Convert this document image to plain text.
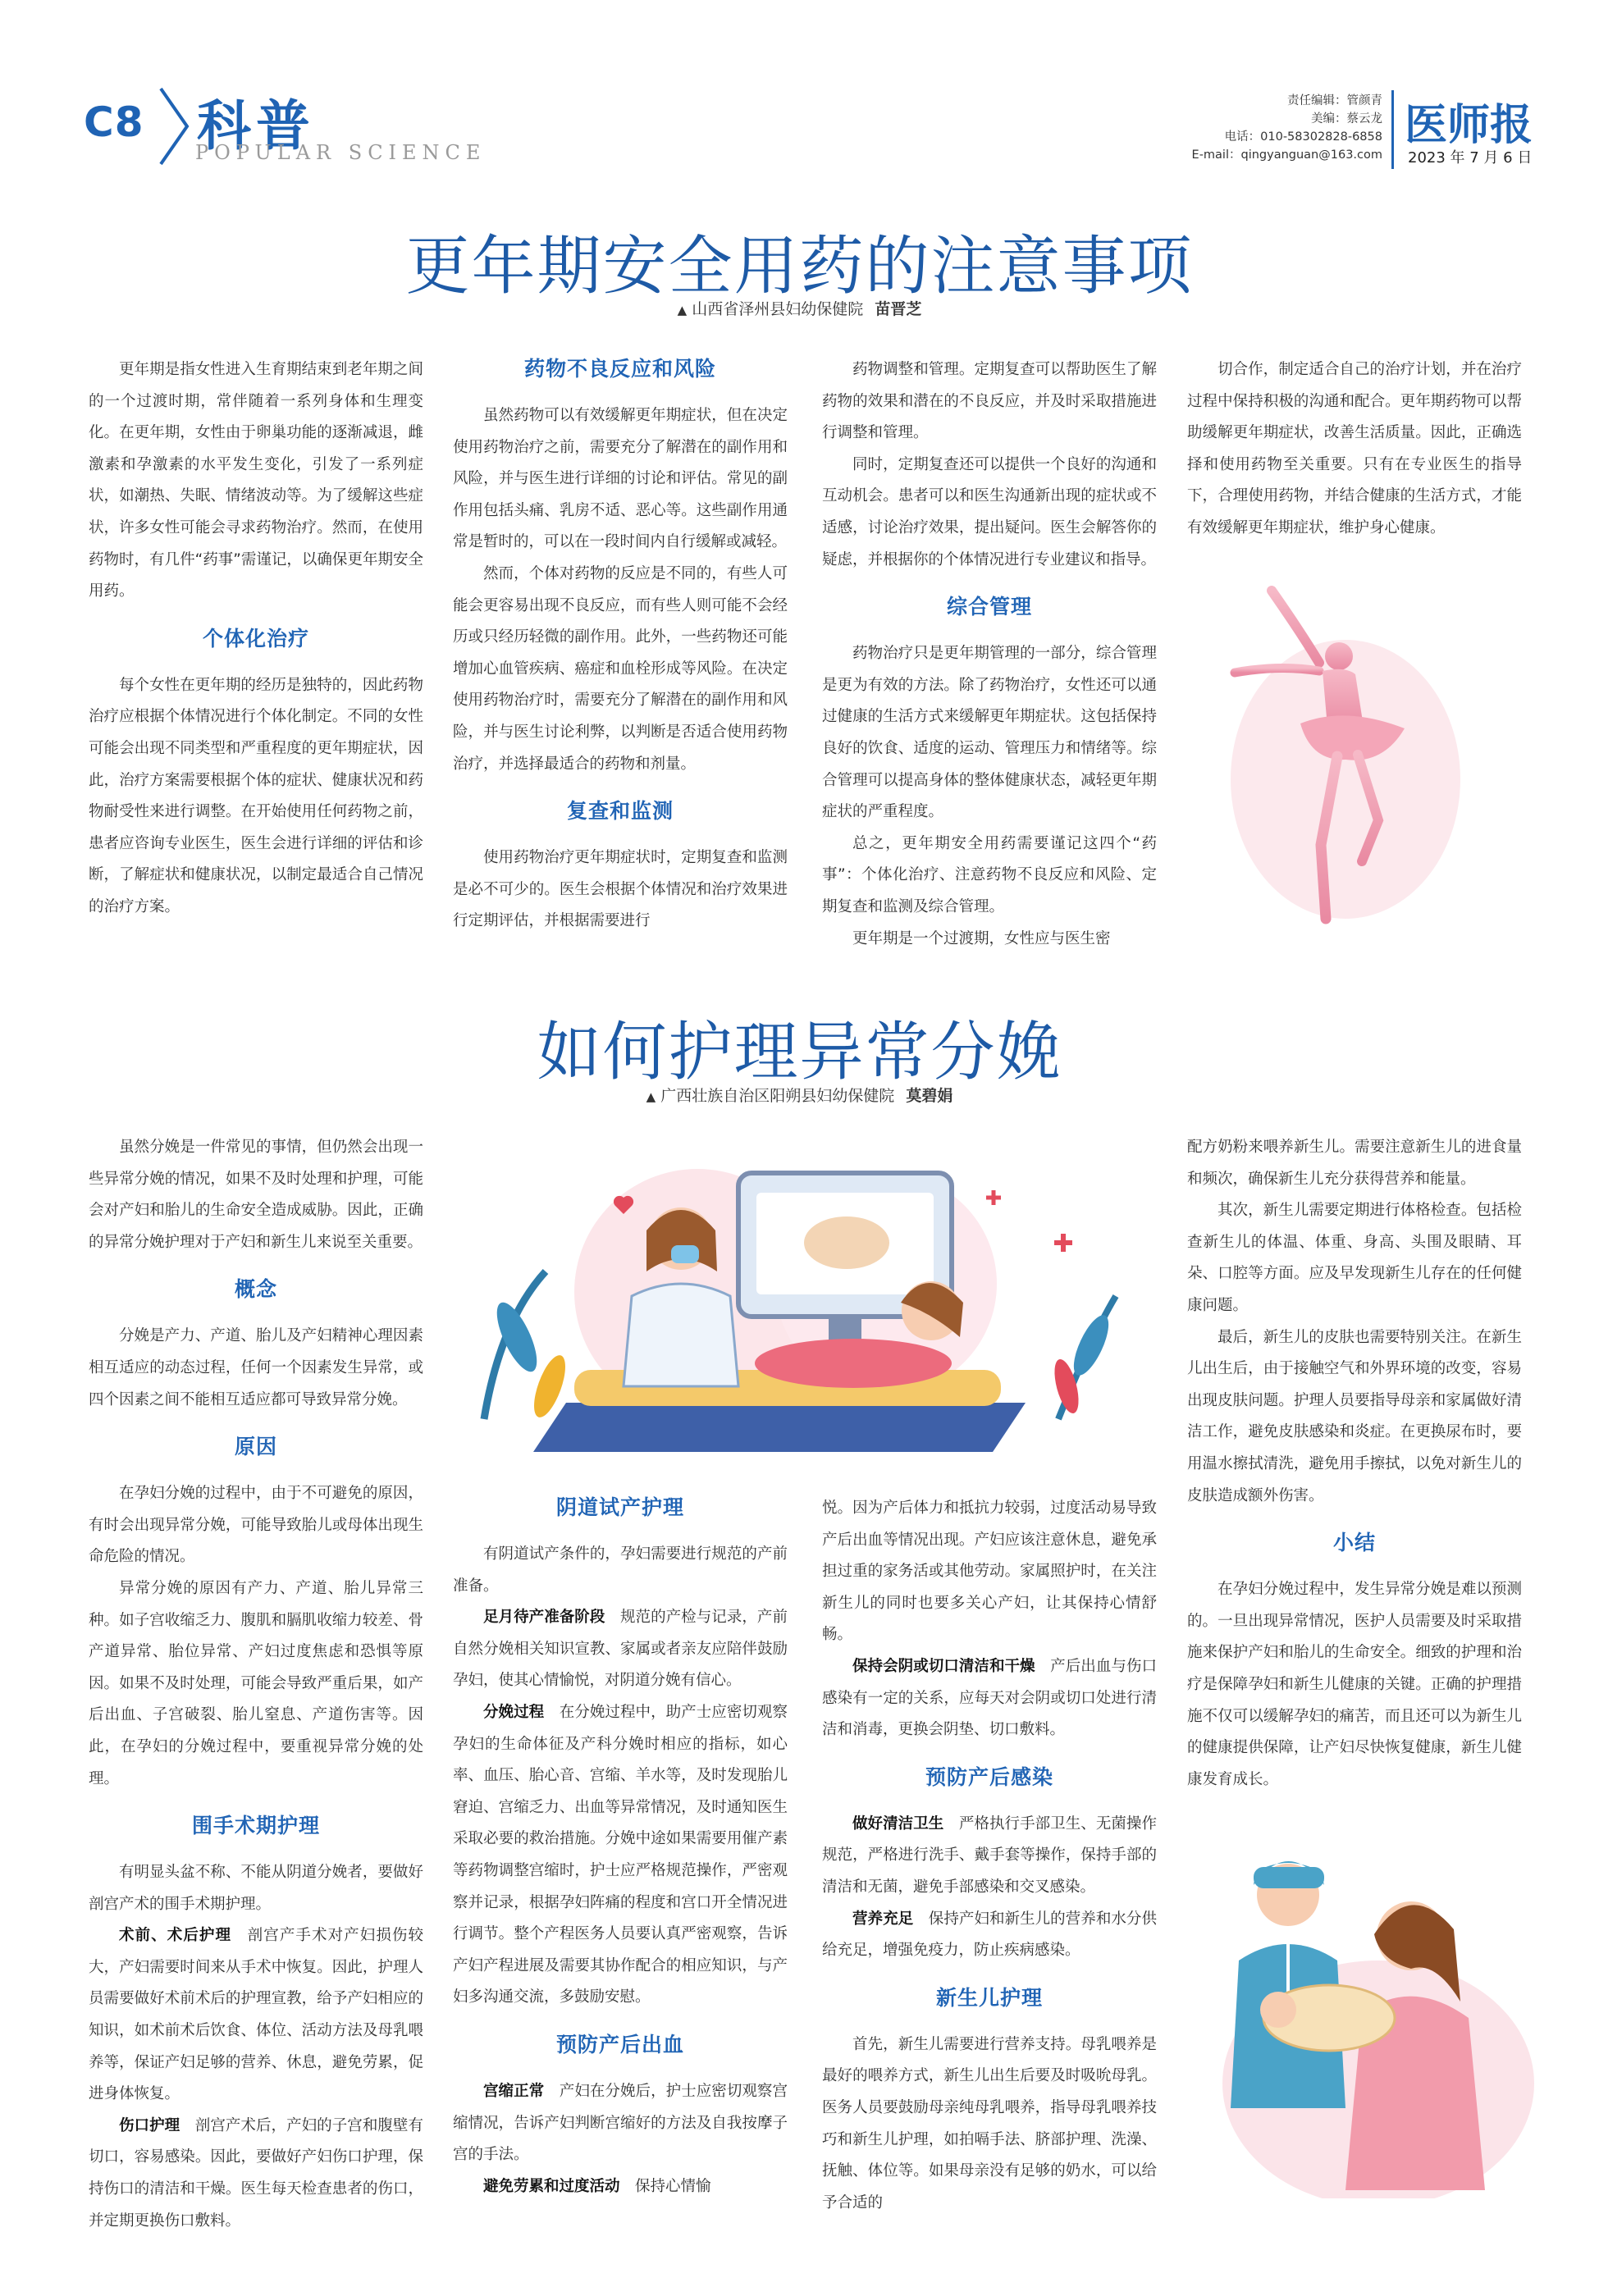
C8 科普
POPULAR SCIENCE
责任编辑：管颜青
美编：蔡云龙
电话：010-58302828-6858
E-mail：qingyanguan@163.com
医师报
2023 年 7 月 6 日
更年期安全用药的注意事项
▲ 山西省泽州县妇幼保健院 苗晋芝

更年期是指女性进入生育期结束到老年期之间的一个过渡时期，常伴随着一系列身体和生理变化。在更年期，女性由于卵巢功能的逐渐减退，雌激素和孕激素的水平发生变化，引发了一系列症状，如潮热、失眠、情绪波动等。为了缓解这些症状，许多女性可能会寻求药物治疗。然而，在使用药物时，有几件“药事”需谨记，以确保更年期安全用药。

个体化治疗

每个女性在更年期的经历是独特的，因此药物治疗应根据个体情况进行个体化制定。不同的女性可能会出现不同类型和严重程度的更年期症状，因此，治疗方案需要根据个体的症状、健康状况和药物耐受性来进行调整。在开始使用任何药物之前，患者应咨询专业医生，医生会进行详细的评估和诊断，了解症状和健康状况，以制定最适合自己情况的治疗方案。

药物不良反应和风险

虽然药物可以有效缓解更年期症状，但在决定使用药物治疗之前，需要充分了解潜在的副作用和风险，并与医生进行详细的讨论和评估。常见的副作用包括头痛、乳房不适、恶心等。这些副作用通常是暂时的，可以在一段时间内自行缓解或减轻。

然而，个体对药物的反应是不同的，有些人可能会更容易出现不良反应，而有些人则可能不会经历或只经历轻微的副作用。此外，一些药物还可能增加心血管疾病、癌症和血栓形成等风险。在决定使用药物治疗时，需要充分了解潜在的副作用和风险，并与医生讨论利弊，以判断是否适合使用药物治疗，并选择最适合的药物和剂量。

复查和监测

使用药物治疗更年期症状时，定期复查和监测是必不可少的。医生会根据个体情况和治疗效果进行定期评估，并根据需要进行

药物调整和管理。定期复查可以帮助医生了解药物的效果和潜在的不良反应，并及时采取措施进行调整和管理。

同时，定期复查还可以提供一个良好的沟通和互动机会。患者可以和医生沟通新出现的症状或不适感，讨论治疗效果，提出疑问。医生会解答你的疑虑，并根据你的个体情况进行专业建议和指导。

综合管理

药物治疗只是更年期管理的一部分，综合管理是更为有效的方法。除了药物治疗，女性还可以通过健康的生活方式来缓解更年期症状。这包括保持良好的饮食、适度的运动、管理压力和情绪等。综合管理可以提高身体的整体健康状态，减轻更年期症状的严重程度。

总之，更年期安全用药需要谨记这四个“药事”：个体化治疗、注意药物不良反应和风险、定期复查和监测及综合管理。

更年期是一个过渡期，女性应与医生密

切合作，制定适合自己的治疗计划，并在治疗过程中保持积极的沟通和配合。更年期药物可以帮助缓解更年期症状，改善生活质量。因此，正确选择和使用药物至关重要。只有在专业医生的指导下，合理使用药物，并结合健康的生活方式，才能有效缓解更年期症状，维护身心健康。

如何护理异常分娩
▲ 广西壮族自治区阳朔县妇幼保健院 莫碧娟

虽然分娩是一件常见的事情，但仍然会出现一些异常分娩的情况，如果不及时处理和护理，可能会对产妇和胎儿的生命安全造成威胁。因此，正确的异常分娩护理对于产妇和新生儿来说至关重要。

概念

分娩是产力、产道、胎儿及产妇精神心理因素相互适应的动态过程，任何一个因素发生异常，或四个因素之间不能相互适应都可导致异常分娩。

原因

在孕妇分娩的过程中，由于不可避免的原因，有时会出现异常分娩，可能导致胎儿或母体出现生命危险的情况。

异常分娩的原因有产力、产道、胎儿异常三种。如子宫收缩乏力、腹肌和膈肌收缩力较差、骨产道异常、胎位异常、产妇过度焦虑和恐惧等原因。如果不及时处理，可能会导致严重后果，如产后出血、子宫破裂、胎儿窒息、产道伤害等。因此，在孕妇的分娩过程中，要重视异常分娩的处理。

围手术期护理

有明显头盆不称、不能从阴道分娩者，要做好剖宫产术的围手术期护理。

术前、术后护理　 剖宫产手术对产妇损伤较大，产妇需要时间来从手术中恢复。因此，护理人员需要做好术前术后的护理宣教，给予产妇相应的知识，如术前术后饮食、体位、活动方法及母乳喂养等，保证产妇足够的营养、休息，避免劳累，促进身体恢复。

伤口护理　 剖宫产术后，产妇的子宫和腹壁有切口，容易感染。因此，要做好产妇伤口护理，保持伤口的清洁和干燥。医生每天检查患者的伤口，并定期更换伤口敷料。

阴道试产护理

有阴道试产条件的，孕妇需要进行规范的产前准备。

足月待产准备阶段　 规范的产检与记录，产前自然分娩相关知识宣教、家属或者亲友应陪伴鼓励孕妇，使其心情愉悦，对阴道分娩有信心。

分娩过程　 在分娩过程中，助产士应密切观察孕妇的生命体征及产科分娩时相应的指标，如心率、血压、胎心音、宫缩、羊水等，及时发现胎儿窘迫、宫缩乏力、出血等异常情况，及时通知医生采取必要的救治措施。分娩中途如果需要用催产素等药物调整宫缩时，护士应严格规范操作，严密观察并记录，根据孕妇阵痛的程度和宫口开全情况进行调节。整个产程医务人员要认真严密观察，告诉产妇产程进展及需要其协作配合的相应知识，与产妇多沟通交流，多鼓励安慰。

预防产后出血

宫缩正常　 产妇在分娩后，护士应密切观察宫缩情况，告诉产妇判断宫缩好的方法及自我按摩子宫的手法。

避免劳累和过度活动　 保持心情愉

悦。因为产后体力和抵抗力较弱，过度活动易导致产后出血等情况出现。产妇应该注意休息，避免承担过重的家务活或其他劳动。家属照护时，在关注新生儿的同时也要多关心产妇，让其保持心情舒畅。

保持会阴或切口清洁和干燥　 产后出血与伤口感染有一定的关系，应每天对会阴或切口处进行清洁和消毒，更换会阴垫、切口敷料。

预防产后感染

做好清洁卫生　 严格执行手部卫生、无菌操作规范，严格进行洗手、戴手套等操作，保持手部的清洁和无菌，避免手部感染和交叉感染。

营养充足　 保持产妇和新生儿的营养和水分供给充足，增强免疫力，防止疾病感染。

新生儿护理

首先，新生儿需要进行营养支持。母乳喂养是最好的喂养方式，新生儿出生后要及时吸吮母乳。医务人员要鼓励母亲纯母乳喂养，指导母乳喂养技巧和新生儿护理，如拍嗝手法、脐部护理、洗澡、抚触、体位等。如果母亲没有足够的奶水，可以给予合适的

配方奶粉来喂养新生儿。需要注意新生儿的进食量和频次，确保新生儿充分获得营养和能量。

其次，新生儿需要定期进行体格检查。包括检查新生儿的体温、体重、身高、头围及眼睛、耳朵、口腔等方面。应及早发现新生儿存在的任何健康问题。

最后，新生儿的皮肤也需要特别关注。在新生儿出生后，由于接触空气和外界环境的改变，容易出现皮肤问题。护理人员要指导母亲和家属做好清洁工作，避免皮肤感染和炎症。在更换尿布时，要用温水擦拭清洗，避免用手擦拭，以免对新生儿的皮肤造成额外伤害。

小结

在孕妇分娩过程中，发生异常分娩是难以预测的。一旦出现异常情况，医护人员需要及时采取措施来保护产妇和胎儿的生命安全。细致的护理和治疗是保障孕妇和新生儿健康的关键。正确的护理措施不仅可以缓解孕妇的痛苦，而且还可以为新生儿的健康提供保障，让产妇尽快恢复健康，新生儿健康发育成长。
